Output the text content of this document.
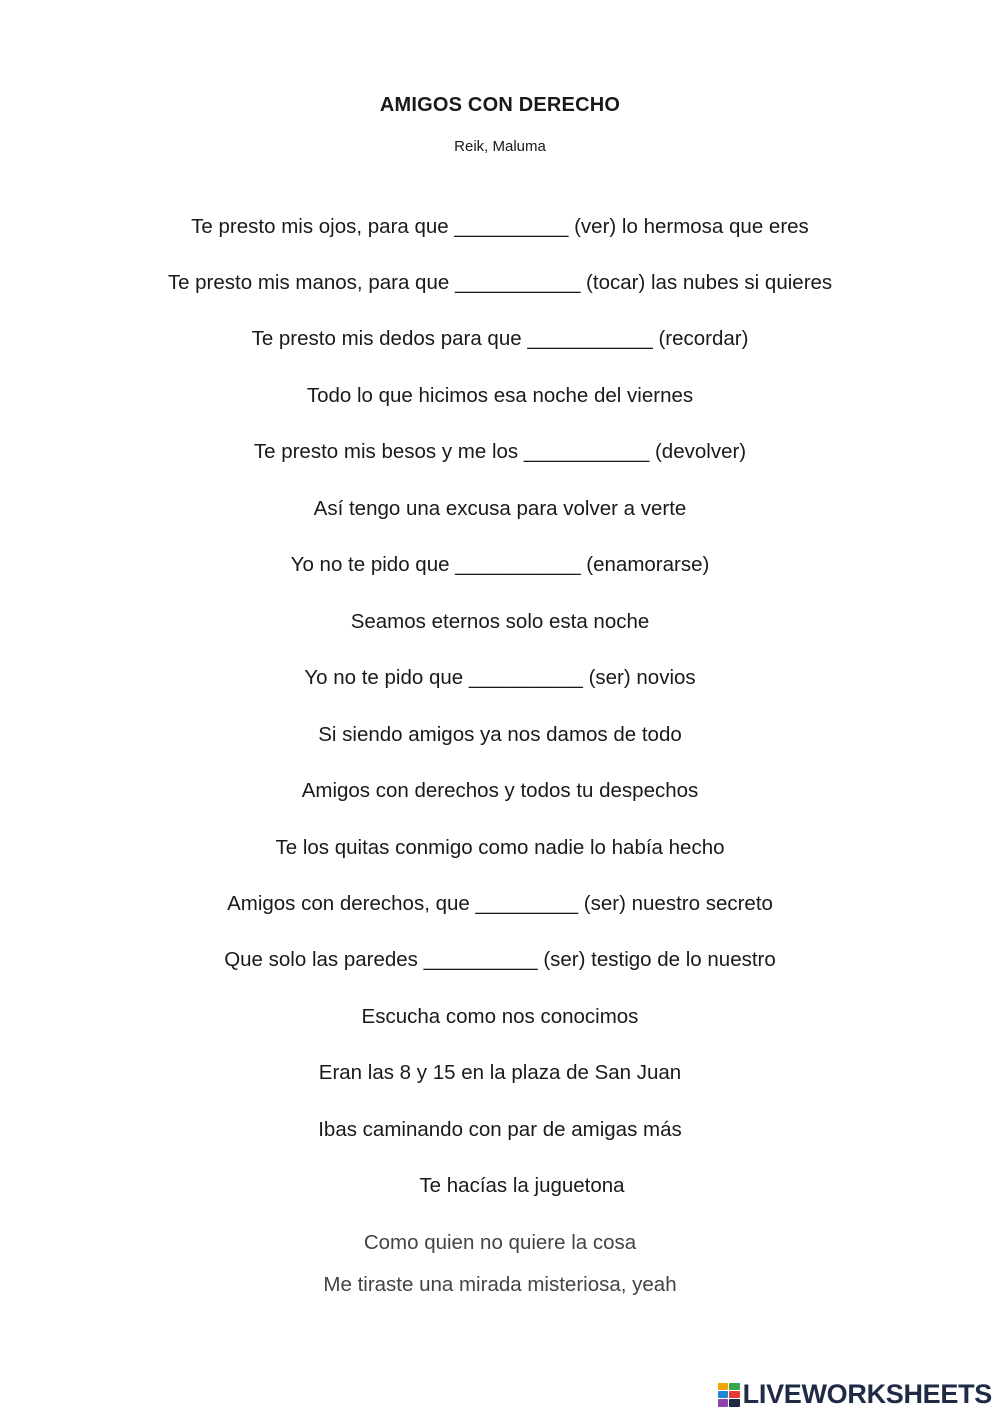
AMIGOS CON DERECHO
Reik, Maluma
Te presto mis ojos, para que __________ (ver) lo hermosa que eres
Te presto mis manos, para que ___________ (tocar) las nubes si quieres
Te presto mis dedos para que ___________ (recordar)
Todo lo que hicimos esa noche del viernes
Te presto mis besos y me los ___________ (devolver)
Así tengo una excusa para volver a verte
Yo no te pido que ___________ (enamorarse)
Seamos eternos solo esta noche
Yo no te pido que __________ (ser) novios
Si siendo amigos ya nos damos de todo
Amigos con derechos y todos tu despechos
Te los quitas conmigo como nadie lo había hecho
Amigos con derechos, que _________ (ser) nuestro secreto
Que solo las paredes __________ (ser) testigo de lo nuestro
Escucha como nos conocimos
Eran las 8 y 15 en la plaza de San Juan
Ibas caminando con par de amigas más
Te hacías la juguetona
Como quien no quiere la cosa
Me tiraste una mirada misteriosa, yeah
LIVEWORKSHEETS
